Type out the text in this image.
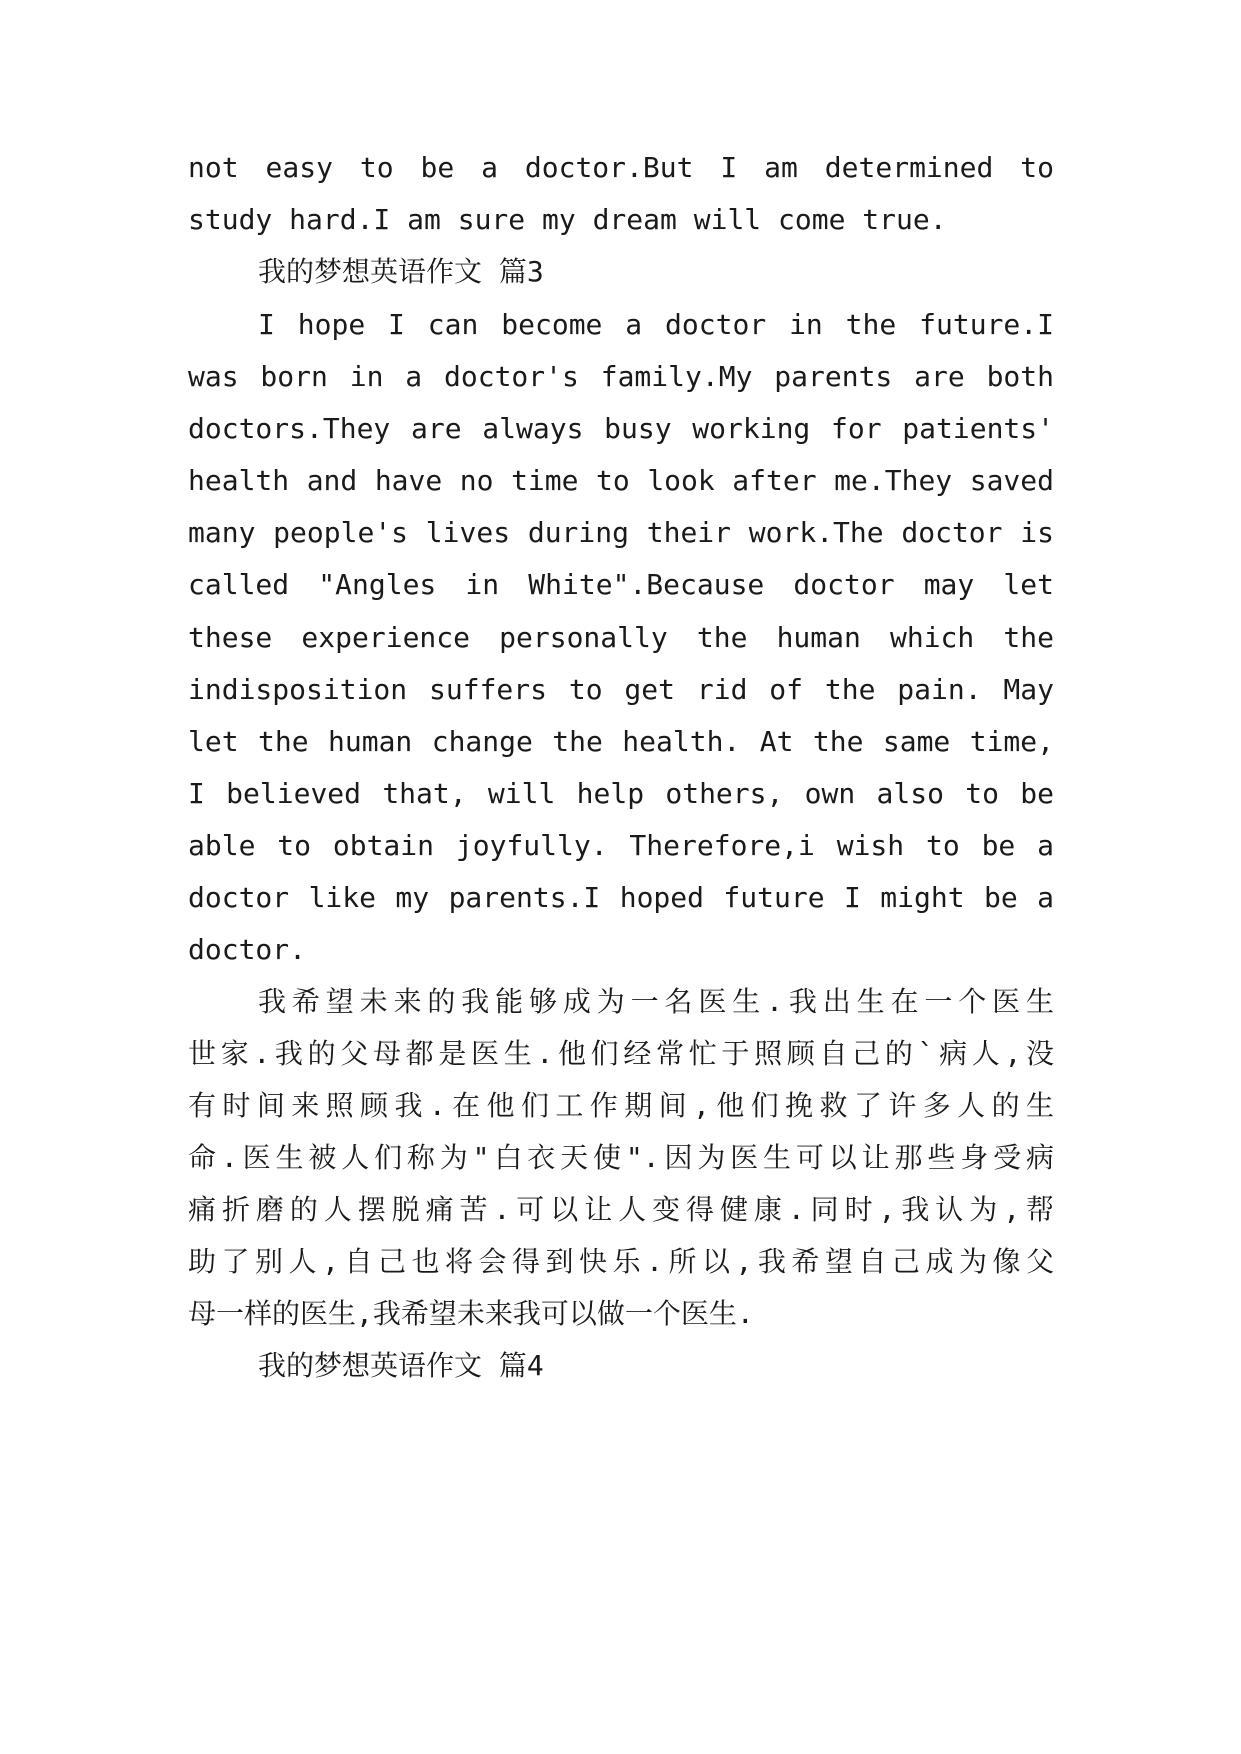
not easy to be a doctor.But I am determined to
study hard.I am sure my dream will come true.
我的梦想英语作文 篇3
I hope I can become a doctor in the future.I
was born in a doctor's family.My parents are both
doctors.They are always busy working for patients'
health and have no time to look after me.They saved
many people's lives during their work.The doctor is
called "Angles in White".Because doctor may let
these experience personally the human which the
indisposition suffers to get rid of the pain. May
let the human change the health. At the same time,
I believed that, will help others, own also to be
able to obtain joyfully. Therefore,i wish to be a
doctor like my parents.I hoped future I might be a
doctor.
我希望未来的我能够成为一名医生.我出生在一个医生
世家.我的父母都是医生.他们经常忙于照顾自己的`病人,没
有时间来照顾我.在他们工作期间,他们挽救了许多人的生
命.医生被人们称为"白衣天使".因为医生可以让那些身受病
痛折磨的人摆脱痛苦.可以让人变得健康.同时,我认为,帮
助了别人,自己也将会得到快乐.所以,我希望自己成为像父
母一样的医生,我希望未来我可以做一个医生.
我的梦想英语作文 篇4
